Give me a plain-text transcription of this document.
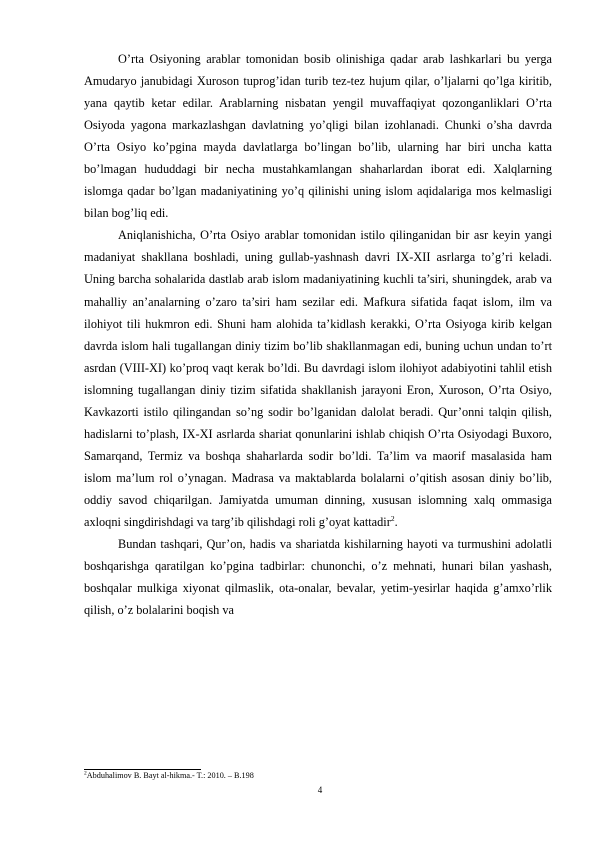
O’rta Osiyoning arablar tomonidan bosib olinishiga qadar arab lashkarlari bu yerga Amudaryo janubidagi Xuroson tuprog’idan turib tez-tez hujum qilar, o’ljalarni qo’lga kiritib, yana qaytib ketar edilar. Arablarning nisbatan yengil muvaffaqiyat qozonganliklari O’rta Osiyoda yagona markazlashgan davlatning yo’qligi bilan izohlanadi. Chunki o’sha davrda O’rta Osiyo ko’pgina mayda davlatlarga bo’lingan bo’lib, ularning har biri uncha katta bo’lmagan hududdagi bir necha mustahkamlangan shaharlardan iborat edi. Xalqlarning islomga qadar bo’lgan madaniyatining yo’q qilinishi uning islom aqidalariga mos kelmasligi bilan bog’liq edi.

Aniqlanishicha, O’rta Osiyo arablar tomonidan istilo qilinganidan bir asr keyin yangi madaniyat shakllana boshladi, uning gullab-yashnash davri IX-XII asrlarga to’g’ri keladi. Uning barcha sohalarida dastlab arab islom madaniyatining kuchli ta’siri, shuningdek, arab va mahalliy an’analarning o’zaro ta’siri ham sezilar edi. Mafkura sifatida faqat islom, ilm va ilohiyot tili hukmron edi. Shuni ham alohida ta’kidlash kerakki, O’rta Osiyoga kirib kelgan davrda islom hali tugallangan diniy tizim bo’lib shakllanmagan edi, buning uchun undan to’rt asrdan (VIII-XI) ko’proq vaqt kerak bo’ldi. Bu davrdagi islom ilohiyot adabiyotini tahlil etish islomning tugallangan diniy tizim sifatida shakllanish jarayoni Eron, Xuroson, O’rta Osiyo, Kavkazorti istilo qilingandan so’ng sodir bo’lganidan dalolat beradi. Qur’onni talqin qilish, hadislarni to’plash, IX-XI asrlarda shariat qonunlarini ishlab chiqish O’rta Osiyodagi Buxoro, Samarqand, Termiz va boshqa shaharlarda sodir bo’ldi. Ta’lim va maorif masalasida ham islom ma’lum rol o’ynagan. Madrasa va maktablarda bolalarni o’qitish asosan diniy bo’lib, oddiy savod chiqarilgan. Jamiyatda umuman dinning, xususan islomning xalq ommasiga axloqni singdirishdagi va targ’ib qilishdagi roli g’oyat kattadir$^2$.

Bundan tashqari, Qur’on, hadis va shariatda kishilarning hayoti va turmushini adolatli boshqarishga qaratilgan ko’pgina tadbirlar: chunonchi, o’z mehnati, hunari bilan yashash, boshqalar mulkiga xiyonat qilmaslik, ota-onalar, bevalar, yetim-yesirlar haqida g’amxo’rlik qilish, o’z bolalarini boqish va

$^2$Abduhalimov B. Bayt al-hikma.- T.: 2010. – B.198
4
